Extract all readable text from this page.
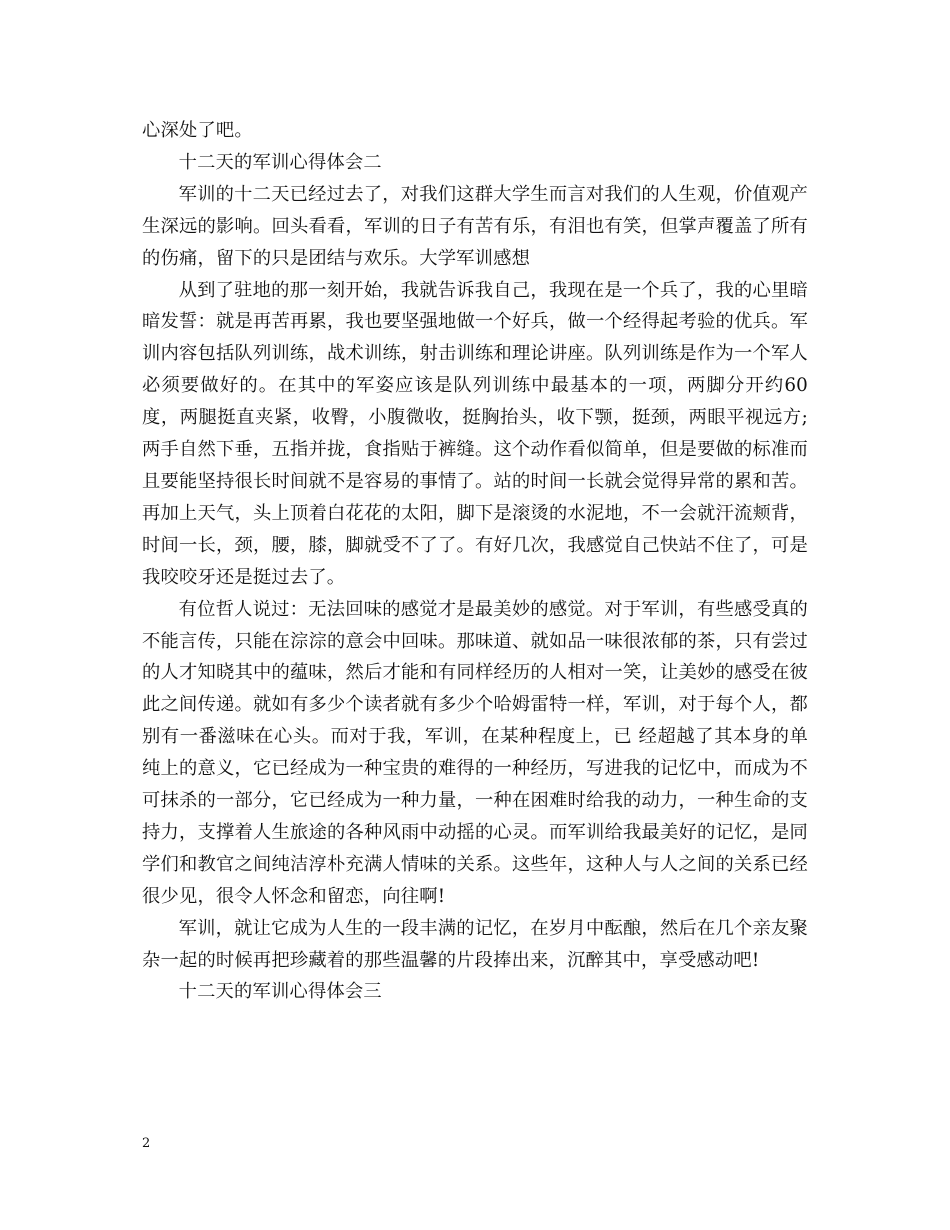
心深处了吧。

十二天的军训心得体会二

军训的十二天已经过去了，对我们这群大学生而言对我们的人生观，价值观产生深远的影响。回头看看，军训的日子有苦有乐，有泪也有笑，但掌声覆盖了所有的伤痛，留下的只是团结与欢乐。大学军训感想

从到了驻地的那一刻开始，我就告诉我自己，我现在是一个兵了，我的心里暗暗发誓：就是再苦再累，我也要坚强地做一个好兵，做一个经得起考验的优兵。军训内容包括队列训练，战术训练，射击训练和理论讲座。队列训练是作为一个军人必须要做好的。在其中的军姿应该是队列训练中最基本的一项，两脚分开约60度，两腿挺直夹紧，收臀，小腹微收，挺胸抬头，收下颚，挺颈，两眼平视远方;两手自然下垂，五指并拢，食指贴于裤缝。这个动作看似简单，但是要做的标准而且要能坚持很长时间就不是容易的事情了。站的时间一长就会觉得异常的累和苦。再加上天气，头上顶着白花花的太阳，脚下是滚烫的水泥地，不一会就汗流颊背，时间一长，颈，腰，膝，脚就受不了了。有好几次，我感觉自己快站不住了，可是我咬咬牙还是挺过去了。

有位哲人说过：无法回味的感觉才是最美妙的感觉。对于军训，有些感受真的不能言传，只能在淙淙的意会中回味。那味道、就如品一味很浓郁的茶，只有尝过的人才知晓其中的蕴味，然后才能和有同样经历的人相对一笑，让美妙的感受在彼此之间传递。就如有多少个读者就有多少个哈姆雷特一样，军训，对于每个人，都别有一番滋味在心头。而对于我，军训，在某种程度上，已 经超越了其本身的单纯上的意义，它已经成为一种宝贵的难得的一种经历，写进我的记忆中，而成为不可抹杀的一部分，它已经成为一种力量，一种在困难时给我的动力，一种生命的支持力，支撑着人生旅途的各种风雨中动摇的心灵。而军训给我最美好的记忆，是同学们和教官之间纯洁淳朴充满人情味的关系。这些年，这种人与人之间的关系已经很少见，很令人怀念和留恋，向往啊!

军训，就让它成为人生的一段丰满的记忆，在岁月中酝酿，然后在几个亲友聚杂一起的时候再把珍藏着的那些温馨的片段捧出来，沉醉其中，享受感动吧!

十二天的军训心得体会三

2
